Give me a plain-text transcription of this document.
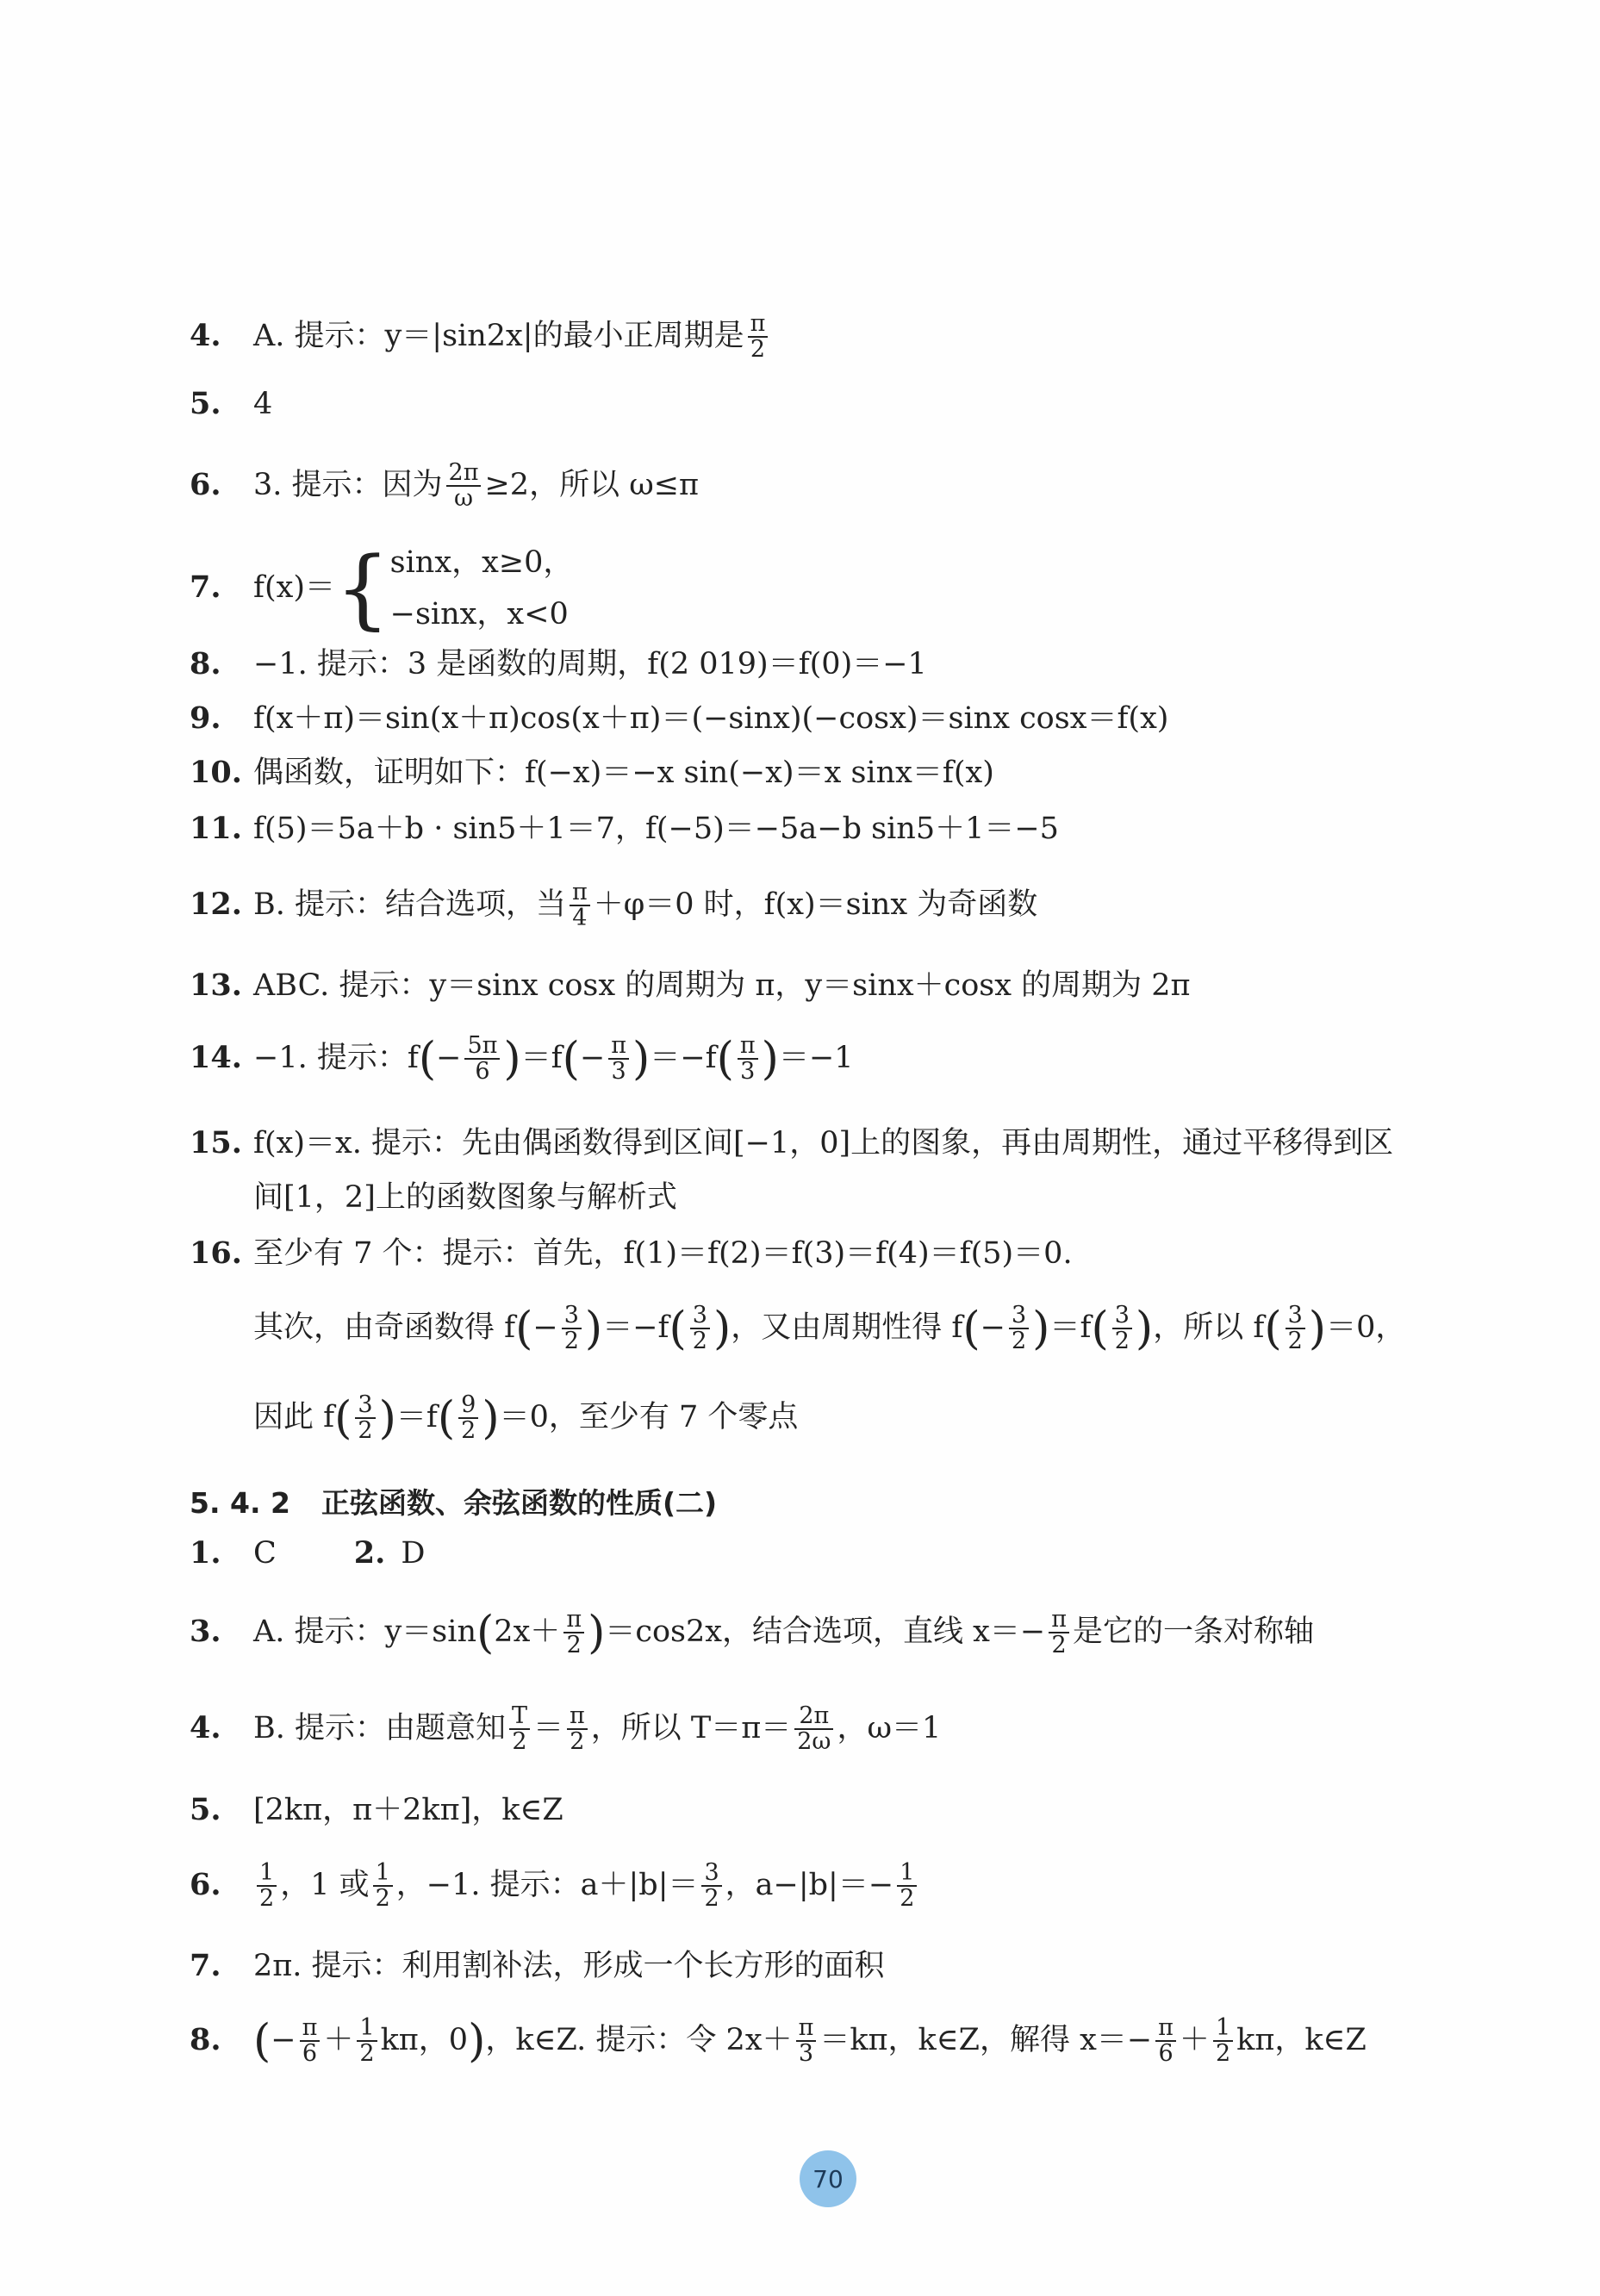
4. A. 提示：y＝|sin2x|的最小正周期是 $\frac{\pi}{2}$
5. 4
6. 3. 提示：因为 $\frac{2\pi}{\omega} \ge 2$，所以 ω≤π
7. f(x)＝{ sinx，x≥0，
−sinx，x<0
8. −1. 提示：3 是函数的周期，f(2 019)＝f(0)＝−1
9. f(x＋π)＝sin(x＋π)cos(x＋π)＝(−sinx)(−cosx)＝sinx cosx＝f(x)
10. 偶函数，证明如下：f(−x)＝−x sin(−x)＝x sinx＝f(x)
11. f(5)＝5a＋b · sin5＋1＝7，f(−5)＝−5a−b sin5＋1＝−5
12. B. 提示：结合选项，当 $\frac{\pi}{4} +\varphi=0$ 时，f(x)＝sinx 为奇函数
13. ABC. 提示：y＝sinx cosx 的周期为 π，y＝sinx＋cosx 的周期为 2π
14. −1. 提示：$f(- \frac{5\pi}{6} )=f(- \frac{\pi}{3} )=-f( \frac{\pi}{3} )=-1$
15. f(x)＝x. 提示：先由偶函数得到区间[−1，0]上的图象，再由周期性，通过平移得到区
间[1，2]上的函数图象与解析式
16. 至少有 7 个：提示：首先，f(1)＝f(2)＝f(3)＝f(4)＝f(5)＝0.
其次，由奇函数得 $f(- \frac{3}{2} )=-f( \frac{3}{2}$ )，又由周期性得 $f(- \frac{3}{2} )=f( \frac{3}{2}$ )，所以 $f( \frac{3}{2} )=0$，
因此 $f( \frac{3}{2} )=f( \frac{9}{2} )=0$，至少有 7 个零点
5. 4. 2 正弦函数、余弦函数的性质(二)
1. C	2. D
3. A. 提示：$y=\sin(2x+ \frac{\pi}{2} )=\cos 2x$，结合选项，直线 $x=- \frac{\pi}{2}$ 是它的一条对称轴
4. B. 提示：由题意知 $\frac{T}{2} = \frac{\pi}{2}$ ，所以 $T=\pi= \frac{2\pi}{2\omega}$ ，ω＝1
5. [2kπ，π＋2kπ]，k∈Z
6. $\frac{1}{2}$ ，1 或 $\frac{1}{2}$ ，−1. 提示：$a+|b|= \frac{3}{2}$ ，$a-|b|=- \frac{1}{2}$
7. 2π. 提示：利用割补法，形成一个长方形的面积
8. (− $\frac{\pi}{6} + \frac{1}{2}$ kπ，0)，k∈Z. 提示：令 $2x+ \frac{\pi}{3} =k\pi$，k∈Z，解得 $x=- \frac{\pi}{6} + \frac{1}{2}$ kπ，k∈Z
70
